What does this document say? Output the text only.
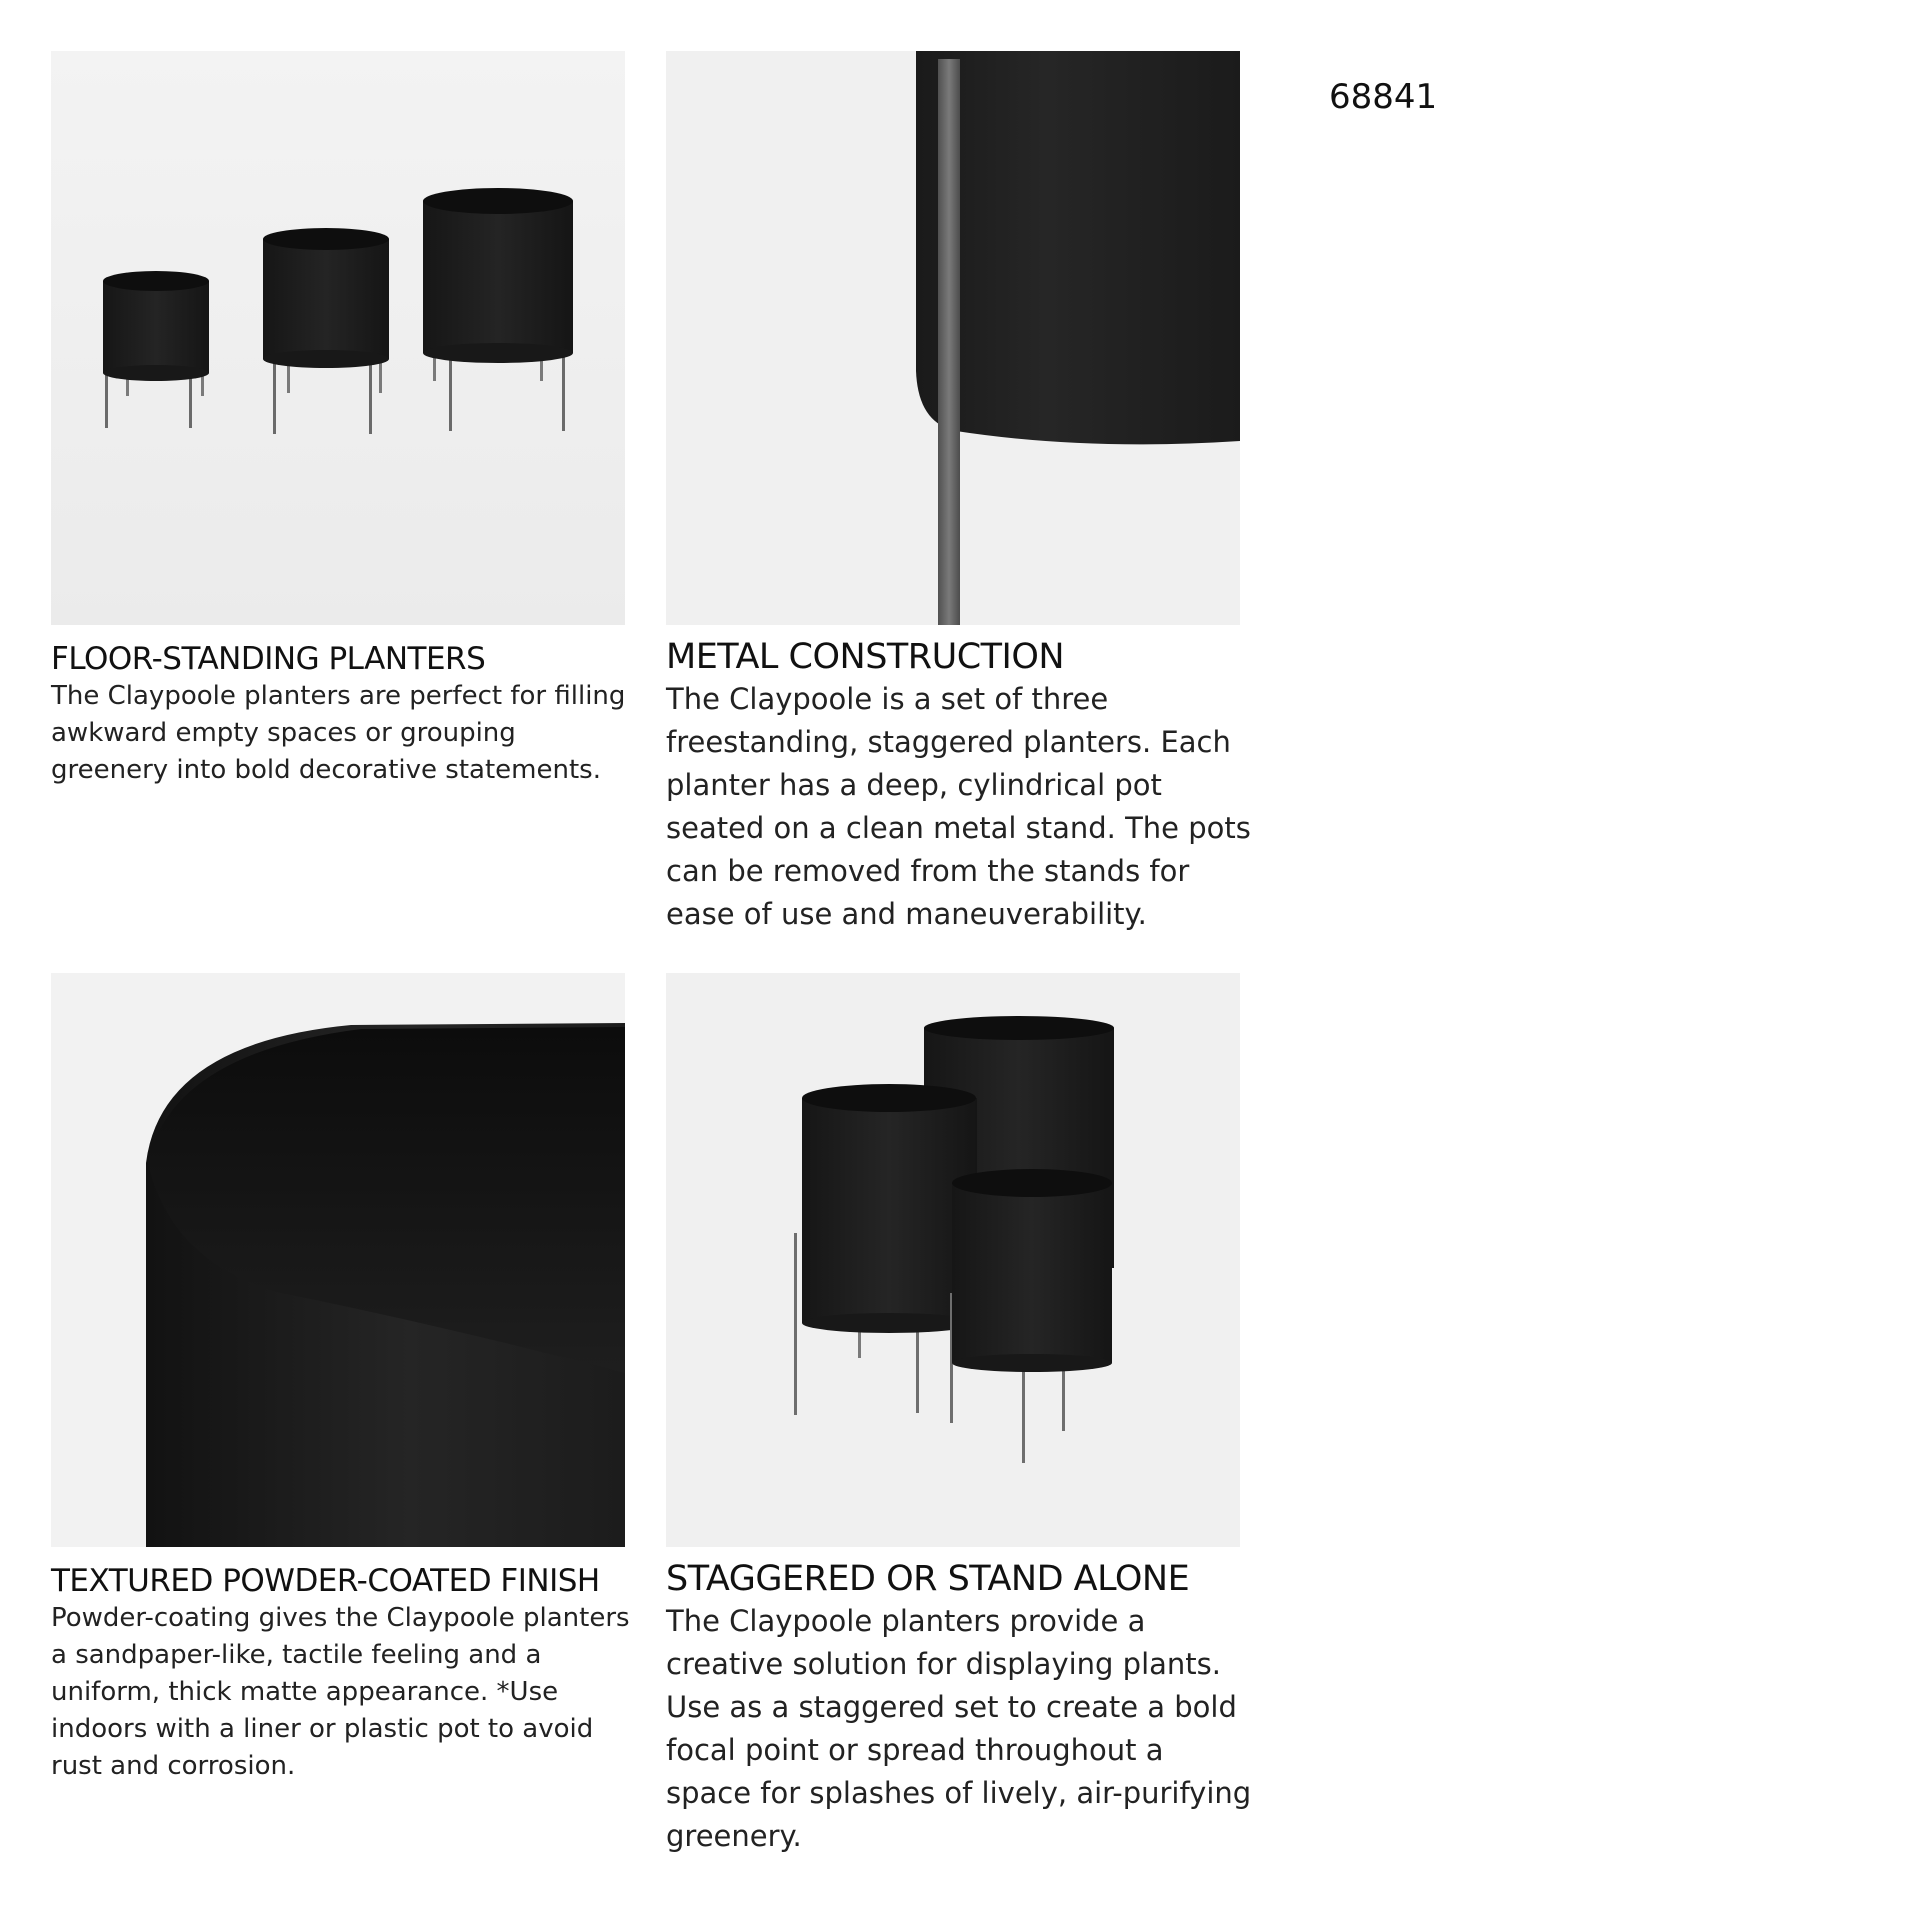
68841
FLOOR-STANDING PLANTERS

The Claypoole planters are perfect for filling awkward empty spaces or grouping greenery into bold decorative statements.

METAL CONSTRUCTION

The Claypoole is a set of three freestanding, staggered planters. Each planter has a deep, cylindrical pot seated on a clean metal stand. The pots can be removed from the stands for ease of use and maneuverability.

TEXTURED POWDER-COATED FINISH

Powder-coating gives the Claypoole planters a sandpaper-like, tactile feeling and a uniform, thick matte appearance. *Use indoors with a liner or plastic pot to avoid rust and corrosion.

STAGGERED OR STAND ALONE

The Claypoole planters provide a creative solution for displaying plants. Use as a staggered set to create a bold focal point or spread throughout a space for splashes of lively, air-purifying greenery.
